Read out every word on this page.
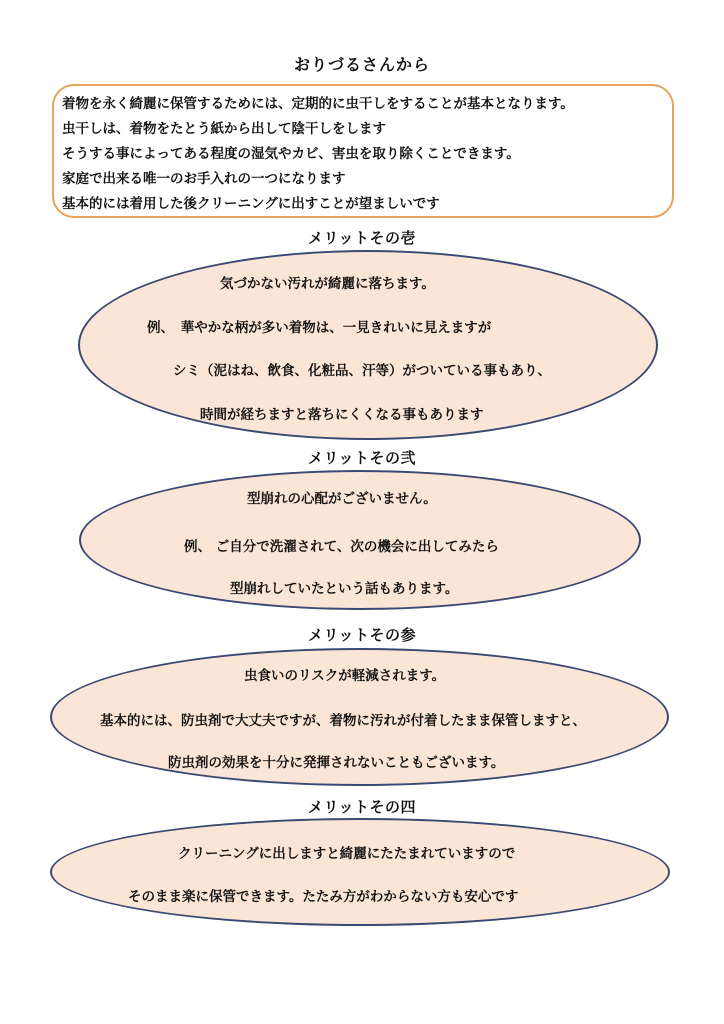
おりづるさんから
着物を永く綺麗に保管するためには、定期的に虫干しをすることが基本となります。
虫干しは、着物をたとう紙から出して陰干しをします
そうする事によってある程度の湿気やカビ、害虫を取り除くことできます。
家庭で出来る唯一のお手入れの一つになります
基本的には着用した後クリーニングに出すことが望ましいです
メリットその壱
気づかない汚れが綺麗に落ちます。
例、　華やかな柄が多い着物は、一見きれいに見えますが
シミ（泥はね、飲食、化粧品、汗等）がついている事もあり、
時間が経ちますと落ちにくくなる事もあります
メリットその弐
型崩れの心配がございません。
例、 ご自分で洗濯されて、次の機会に出してみたら
型崩れしていたという話もあります。
メリットその参
虫食いのリスクが軽減されます。
基本的には、防虫剤で大丈夫ですが、着物に汚れが付着したまま保管しますと、
防虫剤の効果を十分に発揮されないこともございます。
メリットその四
クリーニングに出しますと綺麗にたたまれていますので
そのまま楽に保管できます。たたみ方がわからない方も安心です
